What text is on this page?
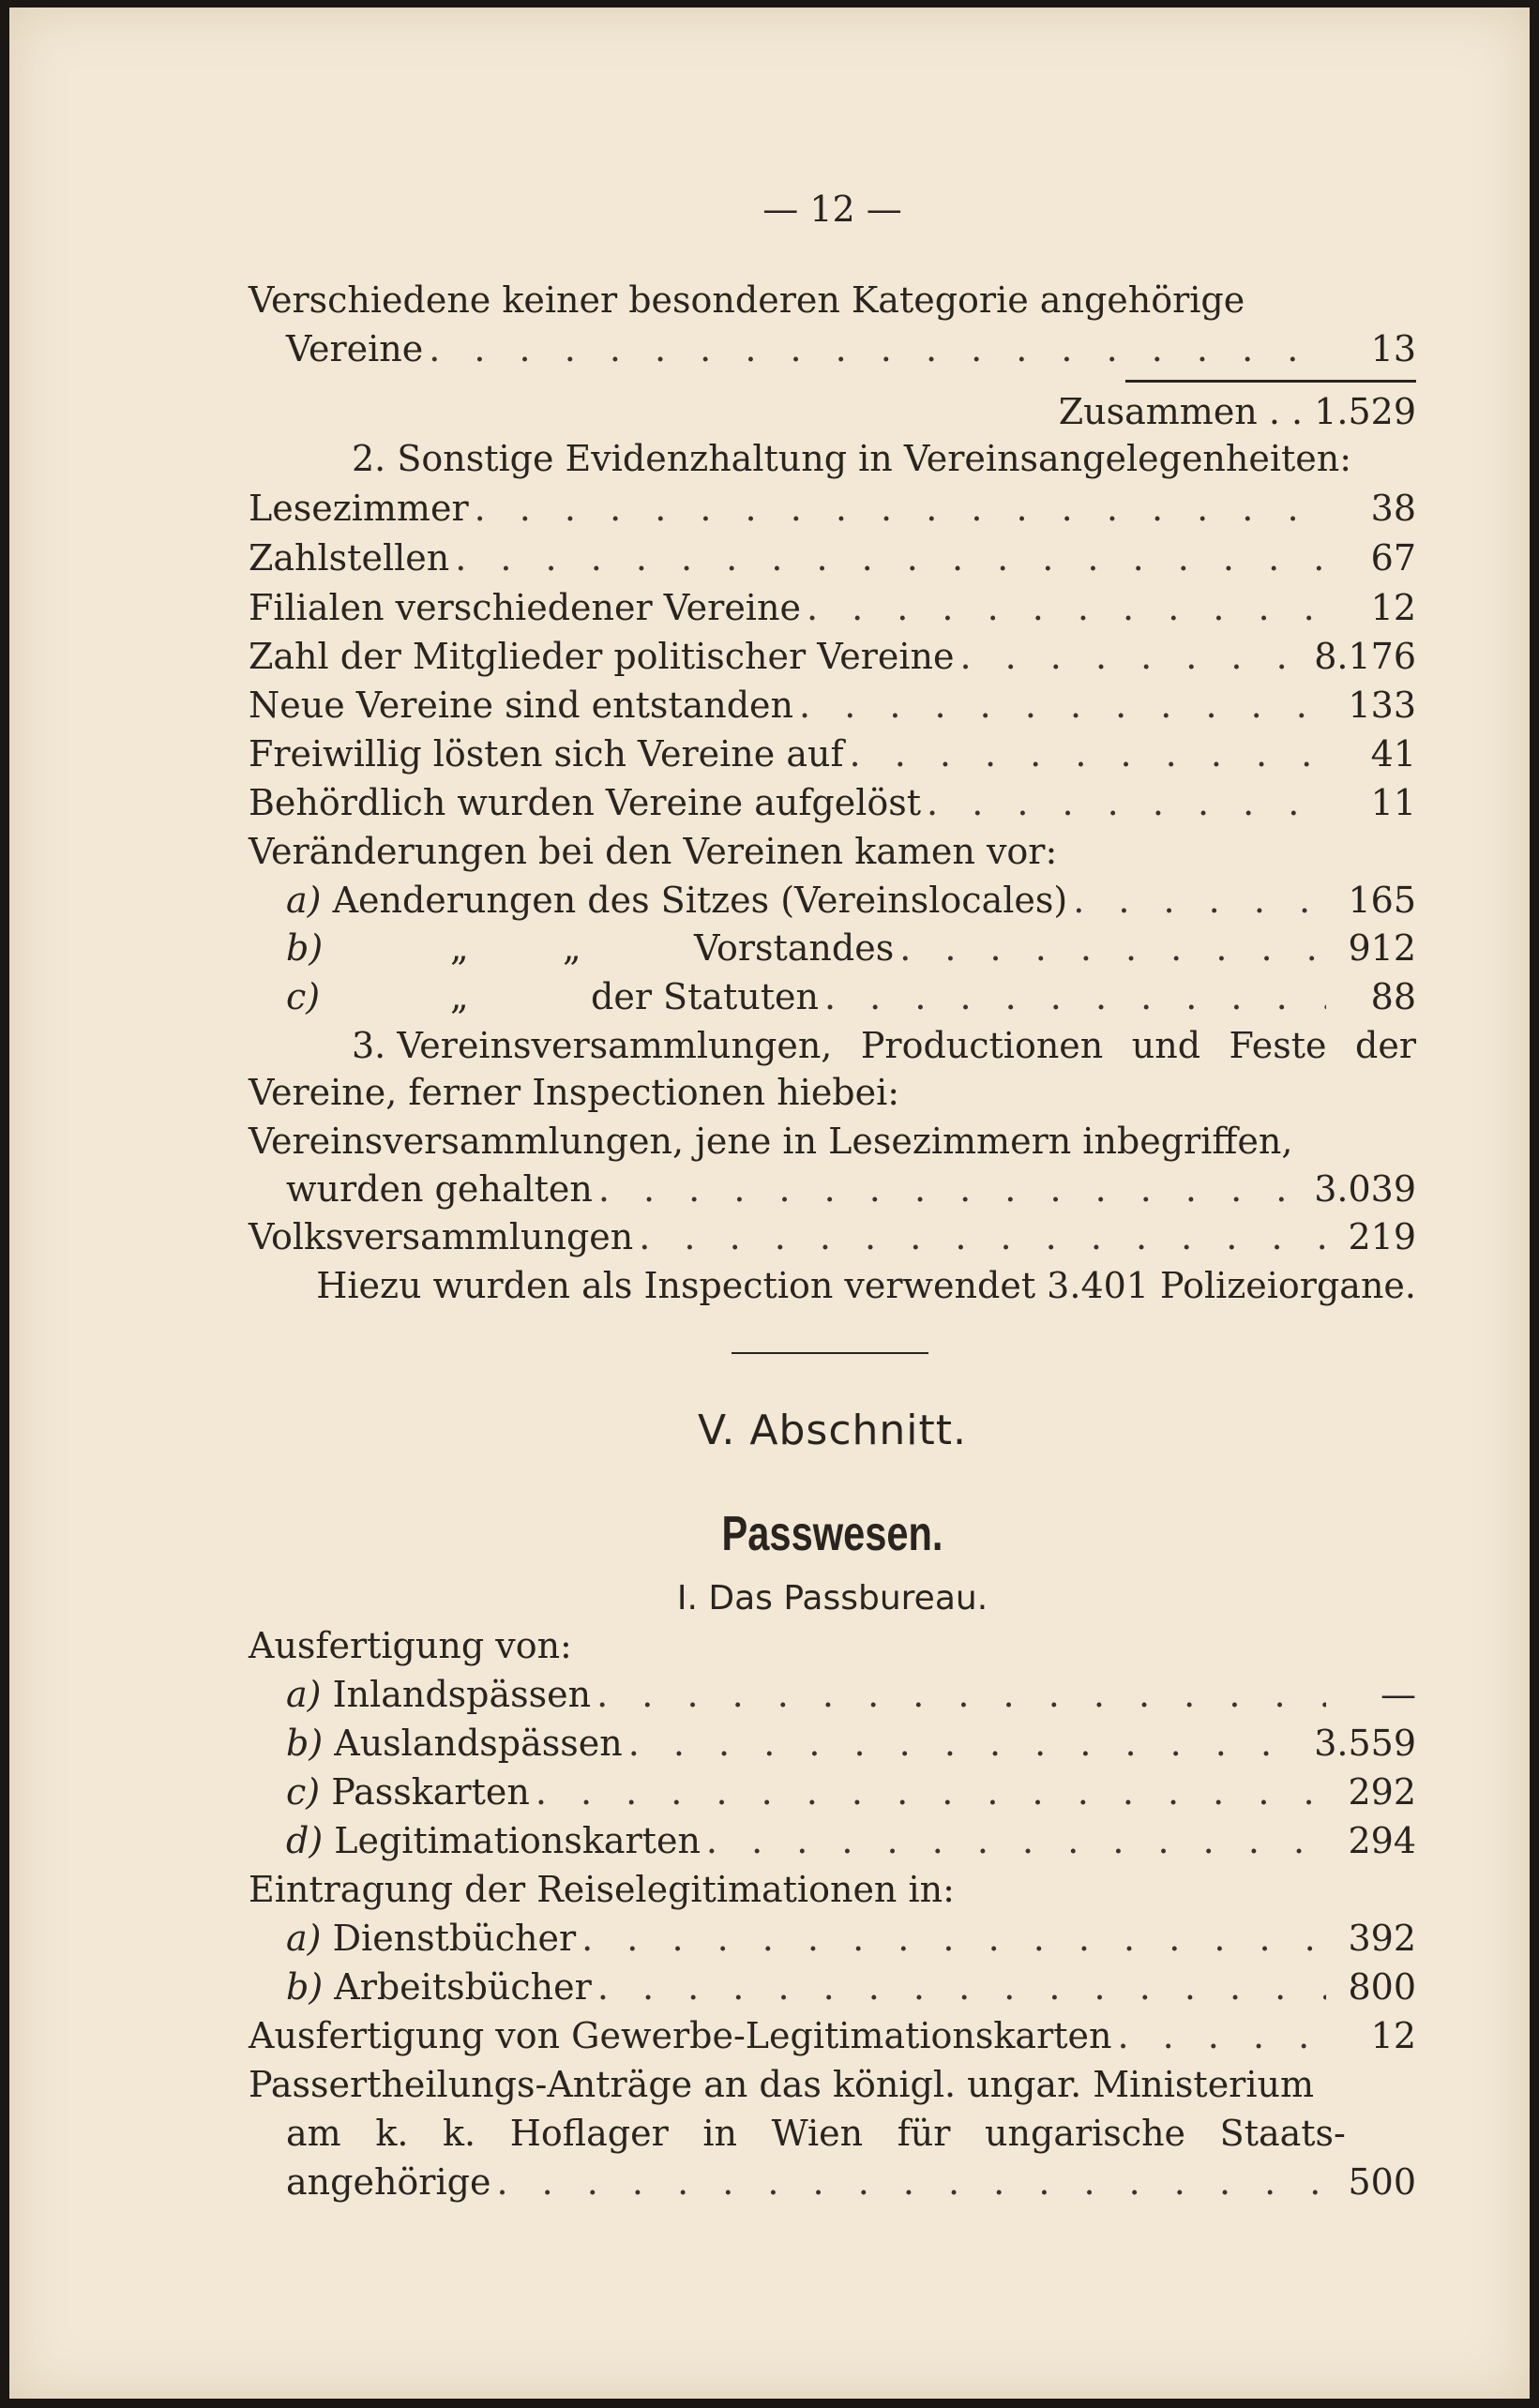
— 12 —
Verschiedene keiner besonderen Kategorie angehörige
Vereine . . .	13
Zusammen . . 1.529
2. Sonstige Evidenzhaltung in Vereinsangelegenheiten:
Lesezimmer . . .	38
Zahlstellen . . .	67
Filialen verschiedener Vereine . . .	12
Zahl der Mitglieder politischer Vereine . . .	8.176
Neue Vereine sind entstanden . . .	133
Freiwillig lösten sich Vereine auf . . .	41
Behördlich wurden Vereine aufgelöst . . .	11
Veränderungen bei den Vereinen kamen vor:
a) Aenderungen des Sitzes (Vereinslocales) . . .	165
b)	„	„	Vorstandes . . .	912
c)	„	der Statuten . . .	88
3. Vereinsversammlungen, Productionen und Feste der
Vereine, ferner Inspectionen hiebei:
Vereinsversammlungen, jene in Lesezimmern inbegriffen,
wurden gehalten . . .	3.039
Volksversammlungen . . .	219
Hiezu wurden als Inspection verwendet 3.401 Polizeiorgane.
V. Abschnitt.
Passwesen.
I. Das Passbureau.
Ausfertigung von:
a) Inlandspässen . . .	—
b) Auslandspässen . . .	3.559
c) Passkarten . . .	292
d) Legitimationskarten . . .	294
Eintragung der Reiselegitimationen in:
a) Dienstbücher . . .	392
b) Arbeitsbücher . . .	800
Ausfertigung von Gewerbe-Legitimationskarten . . .	12
Passertheilungs-Anträge an das königl. ungar. Ministerium
am k. k. Hoflager in Wien für ungarische Staats-
angehörige . . .	500
